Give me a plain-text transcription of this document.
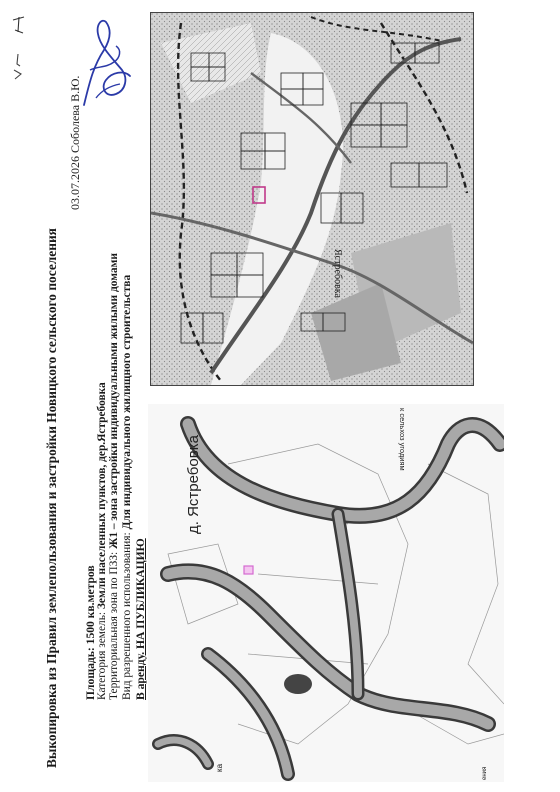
Выкопировка из Правил землепользования и застройки Новицкого сельского поселения
03.07.2026 Соболева В.Ю.
Площадь: 1500 кв.метров Категория земель: Земли населенных пунктов, дер.Ястребовка
Территориальная зона по ПЗЗ: Ж1 – зона застройки индивидуальными жилыми домами
Вид разрешенного использования: Для индивидуального жилищного строительства
В аренду. НА ПУБЛИКАЦИЮ
Ястребовка
д. Ястребовка	к сельхоз угодиям
ка	ения
